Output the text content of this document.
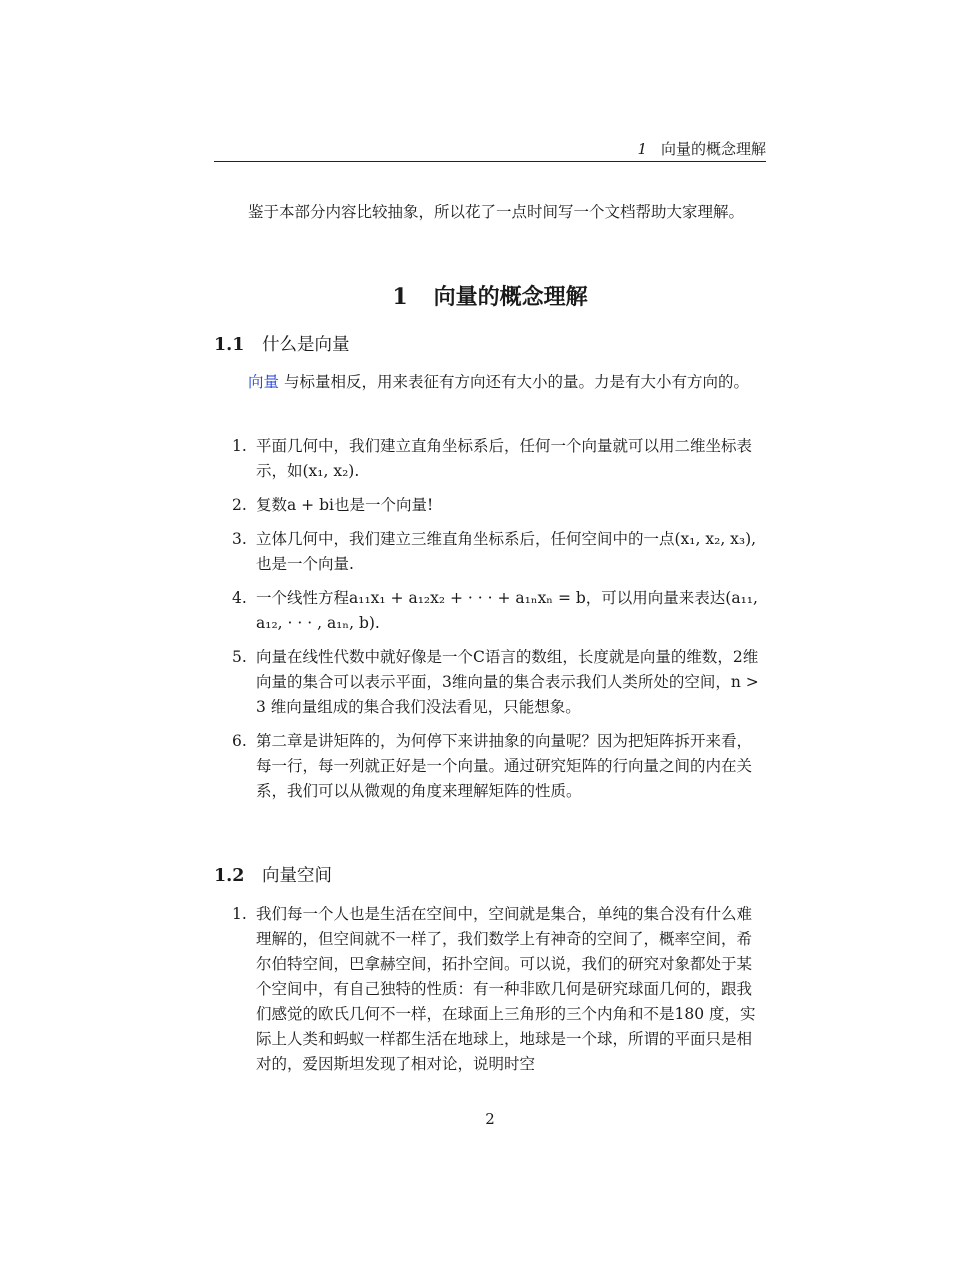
1 向量的概念理解

鉴于本部分内容比较抽象，所以花了一点时间写一个文档帮助大家理解。

1 向量的概念理解
1.1 什么是向量

向量 与标量相反，用来表征有方向还有大小的量。力是有大小有方向的。

1. 平面几何中，我们建立直角坐标系后，任何一个向量就可以用二维坐标表示，如(x₁, x₂).
2. 复数a + bi也是一个向量!
3. 立体几何中，我们建立三维直角坐标系后，任何空间中的一点(x₁, x₂, x₃),也是一个向量.
4. 一个线性方程a₁₁x₁ + a₁₂x₂ + · · · + a₁ₙxₙ = b，可以用向量来表达(a₁₁, a₁₂, · · · , a₁ₙ, b).
5. 向量在线性代数中就好像是一个C语言的数组，长度就是向量的维数，2维向量的集合可以表示平面，3维向量的集合表示我们人类所处的空间，n > 3 维向量组成的集合我们没法看见，只能想象。
6. 第二章是讲矩阵的，为何停下来讲抽象的向量呢？因为把矩阵拆开来看，每一行，每一列就正好是一个向量。通过研究矩阵的行向量之间的内在关系，我们可以从微观的角度来理解矩阵的性质。
1.2 向量空间
1. 我们每一个人也是生活在空间中，空间就是集合，单纯的集合没有什么难理解的，但空间就不一样了，我们数学上有神奇的空间了，概率空间，希尔伯特空间，巴拿赫空间，拓扑空间。可以说，我们的研究对象都处于某个空间中，有自己独特的性质：有一种非欧几何是研究球面几何的，跟我们感觉的欧氏几何不一样，在球面上三角形的三个内角和不是180 度，实际上人类和蚂蚁一样都生活在地球上，地球是一个球，所谓的平面只是相对的，爱因斯坦发现了相对论，说明时空
2
